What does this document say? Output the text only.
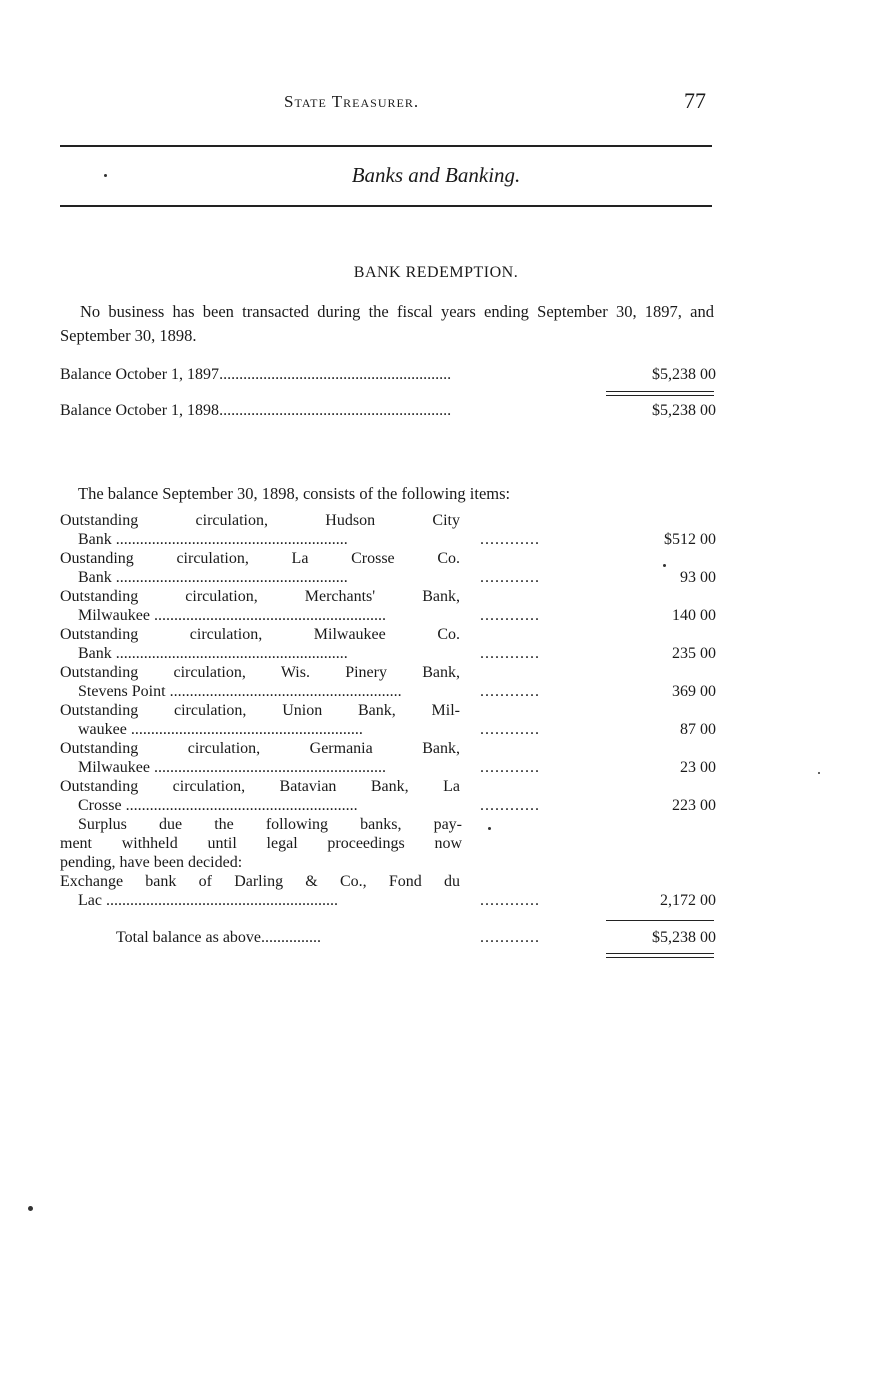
State Treasurer.	77
Banks and Banking.
BANK REDEMPTION.
No business has been transacted during the fiscal years ending September 30, 1897, and September 30, 1898.
Balance October 1, 1897..........................................................	$5,238 00
Balance October 1, 1898..........................................................	$5,238 00
The balance September 30, 1898, consists of the following items:
Outstanding circulation, Hudson City
Bank ..........................................................	............	$512 00
Oustanding circulation, La Crosse Co.
Bank ..........................................................	............	93 00
Outstanding circulation, Merchants' Bank,
Milwaukee ..........................................................	............	140 00
Outstanding circulation, Milwaukee Co.
Bank ..........................................................	............	235 00
Outstanding circulation, Wis. Pinery Bank,
Stevens Point ..........................................................	............	369 00
Outstanding circulation, Union Bank, Mil-
waukee ..........................................................	............	87 00
Outstanding circulation, Germania Bank,
Milwaukee ..........................................................	............	23 00
Outstanding circulation, Batavian Bank, La
Crosse ..........................................................	............	223 00
Surplus due the following banks, pay-
ment withheld until legal proceedings now
pending, have been decided:
Exchange bank of Darling & Co., Fond du
Lac ..........................................................	............	2,172 00
Total balance as above...............	............	$5,238 00
